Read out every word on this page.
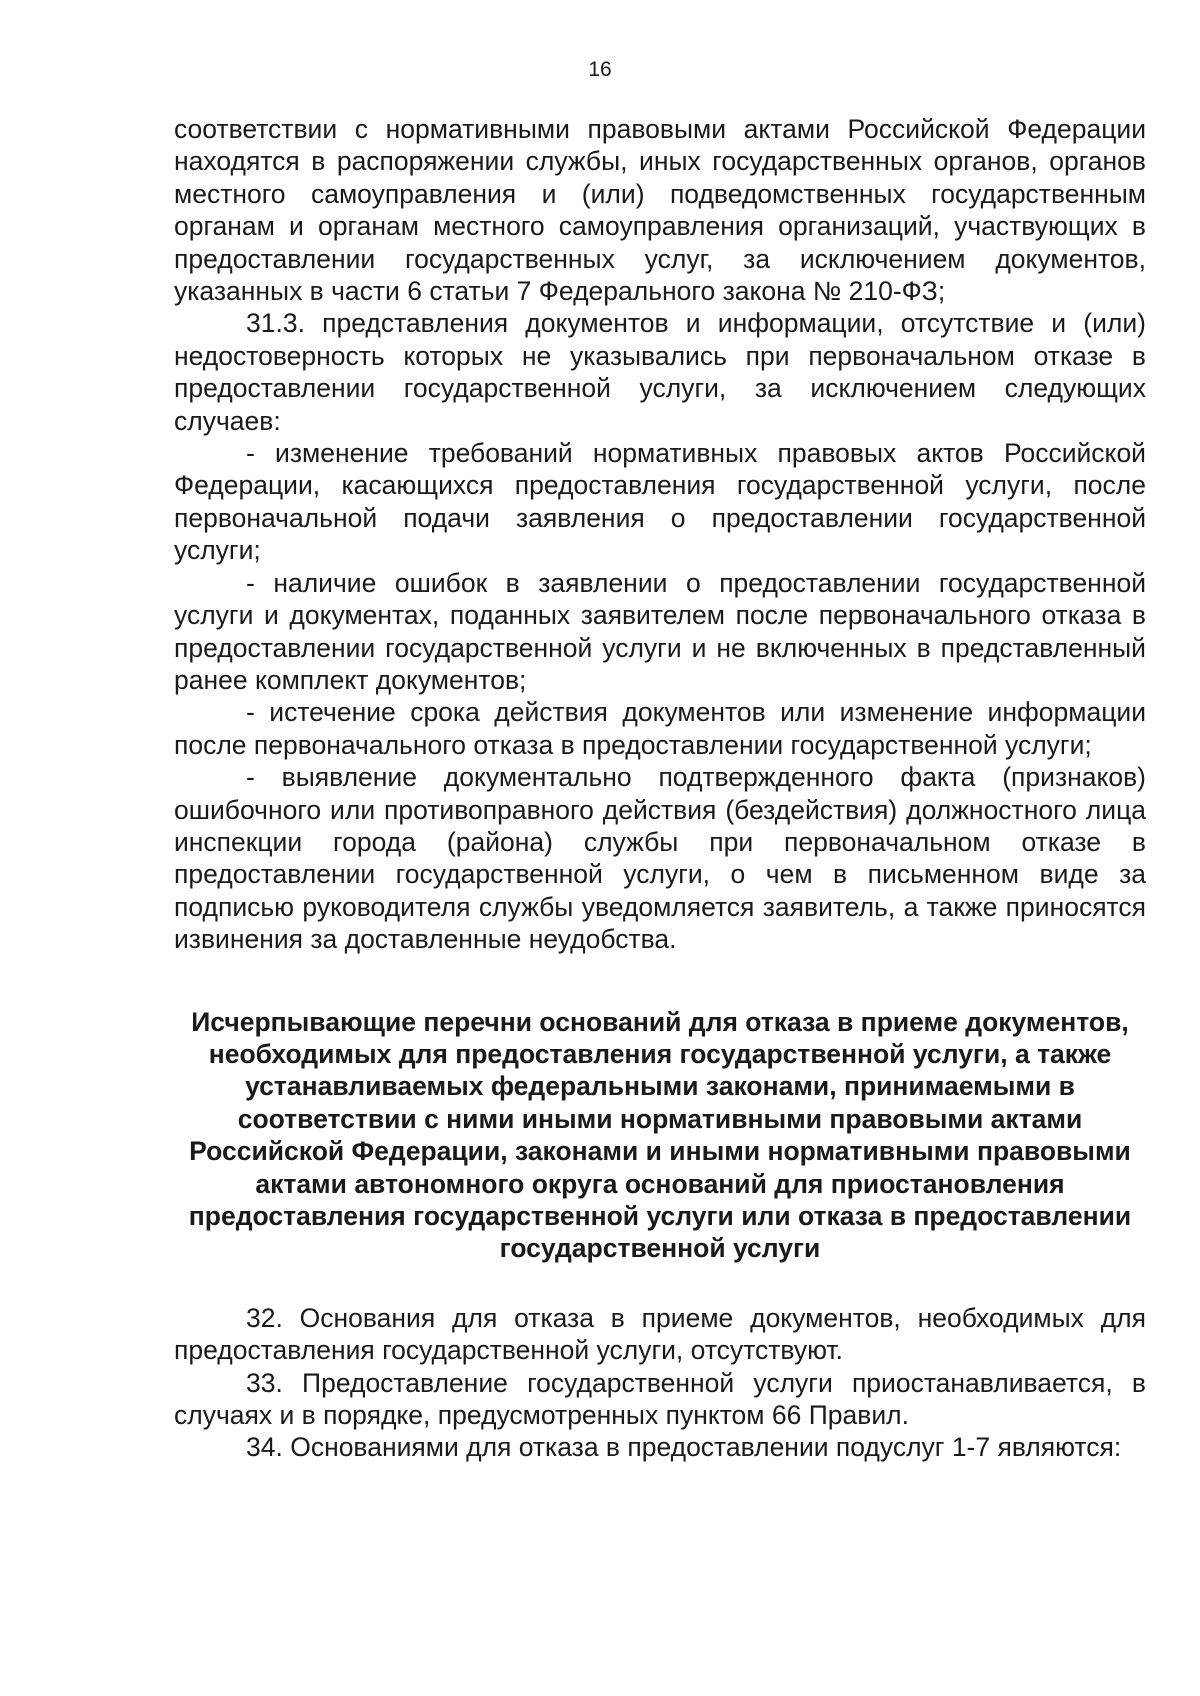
16

соответствии с нормативными правовыми актами Российской Федерации находятся в распоряжении службы, иных государственных органов, органов местного самоуправления и (или) подведомственных государственным органам и органам местного самоуправления организаций, участвующих в предоставлении государственных услуг, за исключением документов, указанных в части 6 статьи 7 Федерального закона № 210-ФЗ;

31.3. представления документов и информации, отсутствие и (или) недостоверность которых не указывались при первоначальном отказе в предоставлении государственной услуги, за исключением следующих случаев:

- изменение требований нормативных правовых актов Российской Федерации, касающихся предоставления государственной услуги, после первоначальной подачи заявления о предоставлении государственной услуги;

- наличие ошибок в заявлении о предоставлении государственной услуги и документах, поданных заявителем после первоначального отказа в предоставлении государственной услуги и не включенных в представленный ранее комплект документов;

- истечение срока действия документов или изменение информации после первоначального отказа в предоставлении государственной услуги;

- выявление документально подтвержденного факта (признаков) ошибочного или противоправного действия (бездействия) должностного лица инспекции города (района) службы при первоначальном отказе в предоставлении государственной услуги, о чем в письменном виде за подписью руководителя службы уведомляется заявитель, а также приносятся извинения за доставленные неудобства.

Исчерпывающие перечни оснований для отказа в приеме документов, необходимых для предоставления государственной услуги, а также устанавливаемых федеральными законами, принимаемыми в соответствии с ними иными нормативными правовыми актами Российской Федерации, законами и иными нормативными правовыми актами автономного округа оснований для приостановления предоставления государственной услуги или отказа в предоставлении государственной услуги

32. Основания для отказа в приеме документов, необходимых для предоставления государственной услуги, отсутствуют.

33. Предоставление государственной услуги приостанавливается, в случаях и в порядке, предусмотренных пунктом 66 Правил.

34. Основаниями для отказа в предоставлении подуслуг 1-7 являются:
